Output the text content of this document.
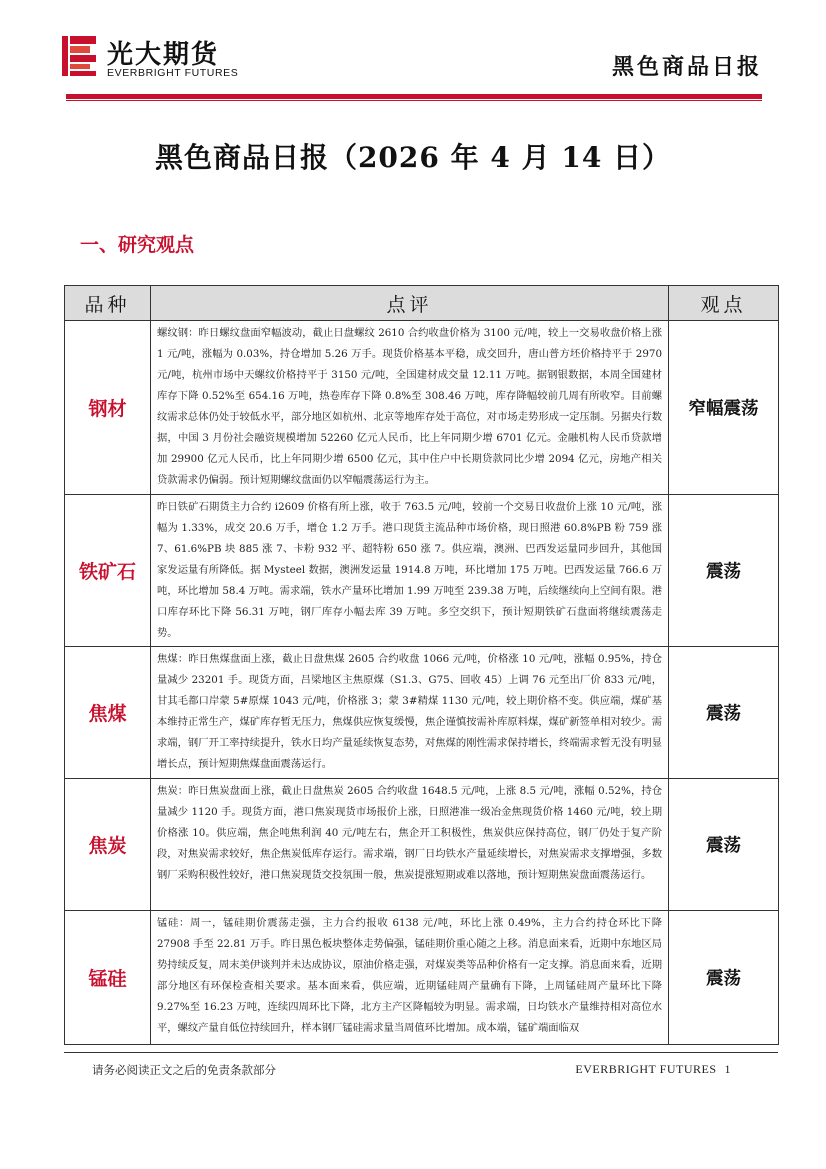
光大期货
EVERBRIGHT FUTURES	黑色商品日报
黑色商品日报（2026 年 4 月 14 日）
一、研究观点
品种	点评	观点
钢材	螺纹钢：昨日螺纹盘面窄幅波动，截止日盘螺纹 2610 合约收盘价格为 3100 元/吨，较上一交易收盘价格上涨 1 元/吨，涨幅为 0.03%，持仓增加 5.26 万手。现货价格基本平稳，成交回升，唐山普方坯价格持平于 2970 元/吨，杭州市场中天螺纹价格持平于 3150 元/吨，全国建材成交量 12.11 万吨。据钢银数据，本周全国建材库存下降 0.52%至 654.16 万吨，热卷库存下降 0.8%至 308.46 万吨，库存降幅较前几周有所收窄。目前螺纹需求总体仍处于较低水平，部分地区如杭州、北京等地库存处于高位，对市场走势形成一定压制。另据央行数据，中国 3 月份社会融资规模增加 52260 亿元人民币，比上年同期少增 6701 亿元。金融机构人民币贷款增加 29900 亿元人民币，比上年同期少增 6500 亿元，其中住户中长期贷款同比少增 2094 亿元，房地产相关贷款需求仍偏弱。预计短期螺纹盘面仍以窄幅震荡运行为主。	窄幅震荡
铁矿石	昨日铁矿石期货主力合约 i2609 价格有所上涨，收于 763.5 元/吨，较前一个交易日收盘价上涨 10 元/吨，涨幅为 1.33%，成交 20.6 万手，增仓 1.2 万手。港口现货主流品种市场价格，现日照港 60.8%PB 粉 759 涨 7、61.6%PB 块 885 涨 7、卡粉 932 平、超特粉 650 涨 7。供应端，澳洲、巴西发运量同步回升，其他国家发运量有所降低。据 Mysteel 数据，澳洲发运量 1914.8 万吨，环比增加 175 万吨。巴西发运量 766.6 万吨，环比增加 58.4 万吨。需求端，铁水产量环比增加 1.99 万吨至 239.38 万吨，后续继续向上空间有限。港口库存环比下降 56.31 万吨，钢厂库存小幅去库 39 万吨。多空交织下，预计短期铁矿石盘面将继续震荡走势。	震荡
焦煤	焦煤：昨日焦煤盘面上涨，截止日盘焦煤 2605 合约收盘 1066 元/吨，价格涨 10 元/吨，涨幅 0.95%，持仓量减少 23201 手。现货方面，吕梁地区主焦原煤（S1.3、G75、回收 45）上调 76 元至出厂价 833 元/吨，甘其毛都口岸蒙 5#原煤 1043 元/吨，价格涨 3；蒙 3#精煤 1130 元/吨，较上期价格不变。供应端，煤矿基本维持正常生产，煤矿库存暂无压力，焦煤供应恢复缓慢，焦企谨慎按需补库原料煤，煤矿新签单相对较少。需求端，钢厂开工率持续提升，铁水日均产量延续恢复态势，对焦煤的刚性需求保持增长，终端需求暂无没有明显增长点，预计短期焦煤盘面震荡运行。	震荡
焦炭	焦炭：昨日焦炭盘面上涨，截止日盘焦炭 2605 合约收盘 1648.5 元/吨，上涨 8.5 元/吨，涨幅 0.52%，持仓量减少 1120 手。现货方面，港口焦炭现货市场报价上涨，日照港准一级冶金焦现货价格 1460 元/吨，较上期价格涨 10。供应端，焦企吨焦利润 40 元/吨左右，焦企开工积极性，焦炭供应保持高位，钢厂仍处于复产阶段，对焦炭需求较好，焦企焦炭低库存运行。需求端，钢厂日均铁水产量延续增长，对焦炭需求支撑增强，多数钢厂采购积极性较好，港口焦炭现货交投氛围一般，焦炭提涨短期或难以落地，预计短期焦炭盘面震荡运行。	震荡
锰硅	锰硅：周一，锰硅期价震荡走强，主力合约报收 6138 元/吨，环比上涨 0.49%，主力合约持仓环比下降 27908 手至 22.81 万手。昨日黑色板块整体走势偏强，锰硅期价重心随之上移。消息面来看，近期中东地区局势持续反复，周末美伊谈判并未达成协议，原油价格走强，对煤炭类等品种价格有一定支撑。消息面来看，近期部分地区有环保检查相关要求。基本面来看，供应端，近期锰硅周产量确有下降，上周锰硅周产量环比下降 9.27%至 16.23 万吨，连续四周环比下降，北方主产区降幅较为明显。需求端，日均铁水产量维持相对高位水平，螺纹产量自低位持续回升，样本钢厂锰硅需求量当周值环比增加。成本端，锰矿端面临双	震荡
请务必阅读正文之后的免责条款部分	EVERBRIGHT FUTURES 1
